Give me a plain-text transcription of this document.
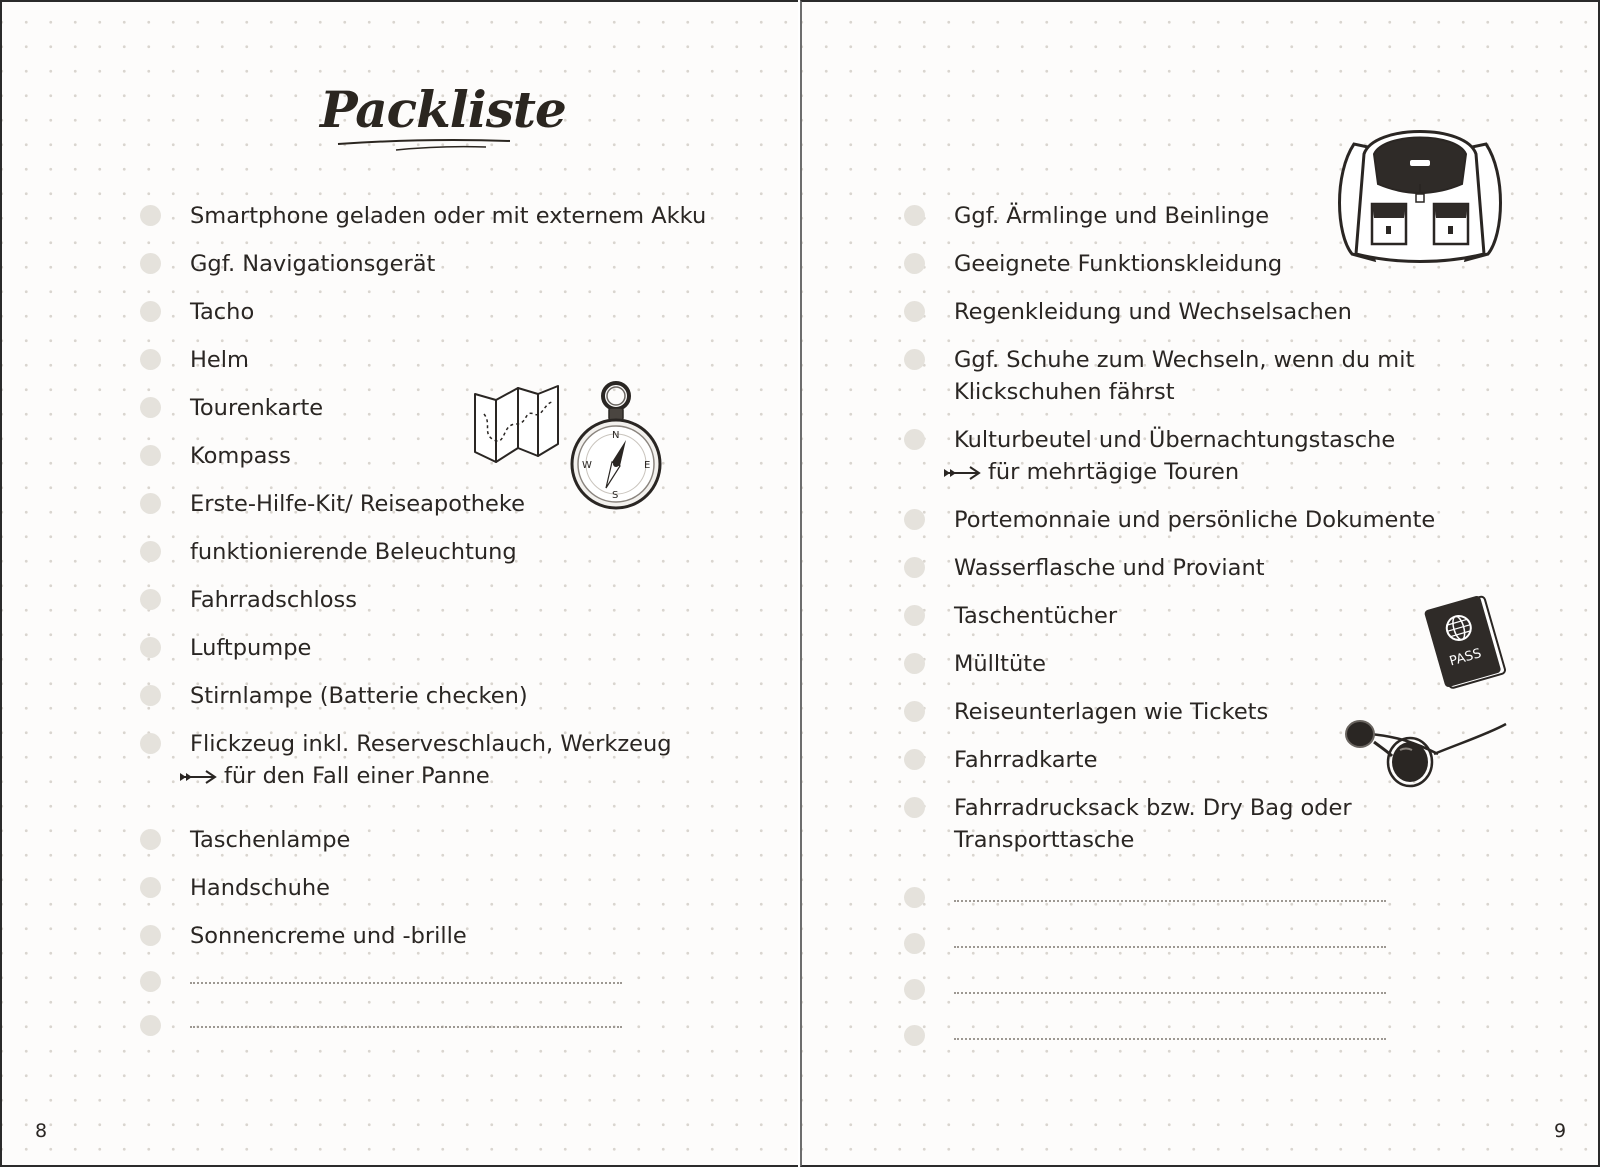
Packliste
Smartphone geladen oder mit externem Akku
Ggf. Navigationsgerät
Tacho
Helm
Tourenkarte
Kompass
Erste-Hilfe-Kit/ Reiseapotheke
funktionierende Beleuchtung
Fahrradschloss
Luftpumpe
Stirnlampe (Batterie checken)
Flickzeug inkl. Reserveschlauch, Werkzeug
für den Fall einer Panne
Taschenlampe
Handschuhe
Sonnencreme und -brille
N
S
W	E
8
Ggf. Ärmlinge und Beinlinge
Geeignete Funktionskleidung
Regenkleidung und Wechselsachen
Ggf. Schuhe zum Wechseln, wenn du mit
Klickschuhen fährst
Kulturbeutel und Übernachtungstasche
für mehrtägige Touren
Portemonnaie und persönliche Dokumente
Wasserflasche und Proviant
Taschentücher
Mülltüte
Reiseunterlagen wie Tickets
Fahrradkarte
Fahrradrucksack bzw. Dry Bag oder
Transporttasche
PASS
9
